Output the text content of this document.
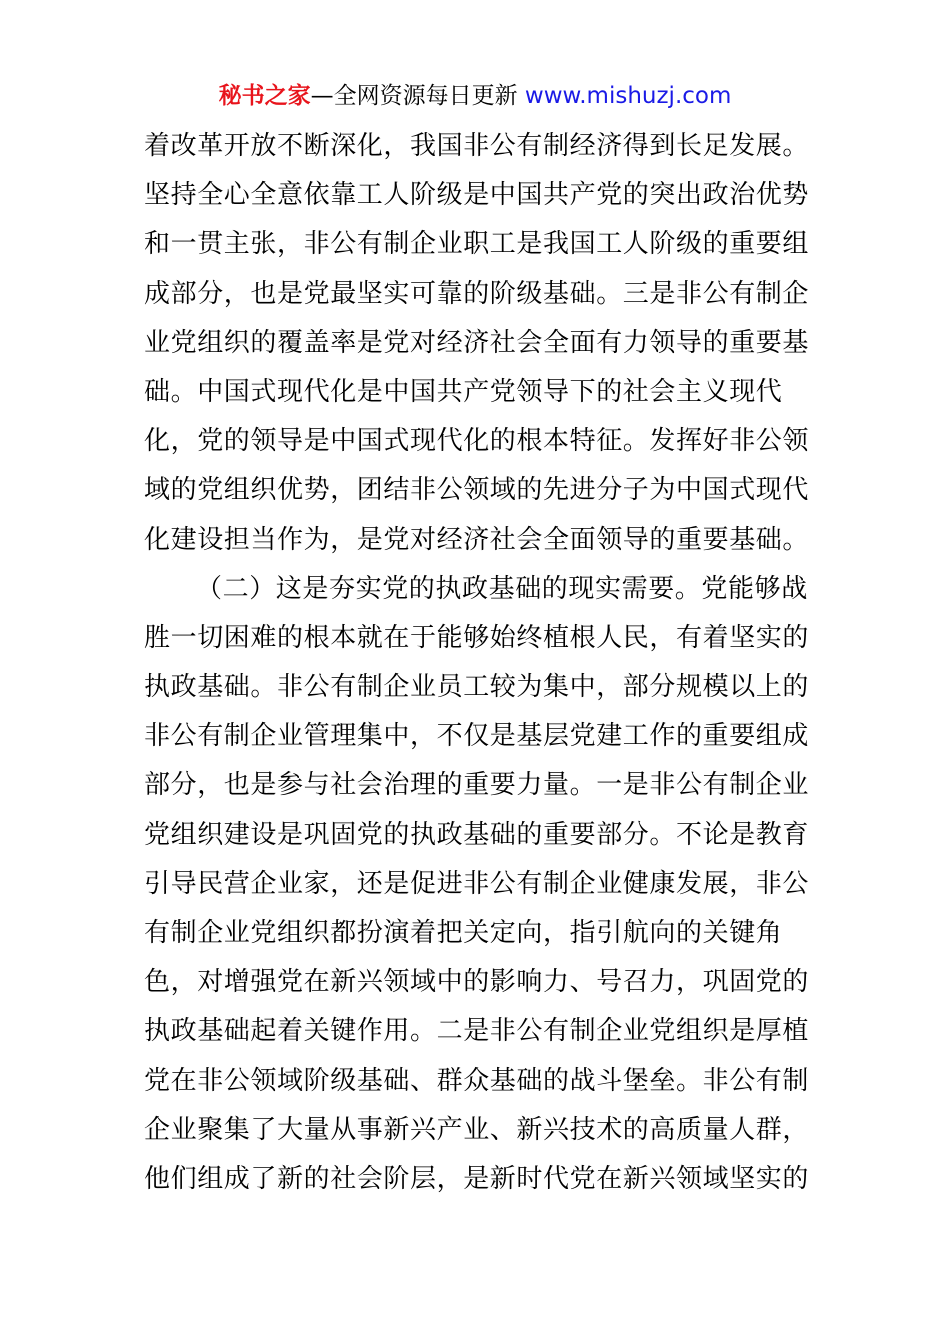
秘书之家—全网资源每日更新 www.mishuzj.com
着改革开放不断深化，我国非公有制经济得到长足发展。
坚持全心全意依靠工人阶级是中国共产党的突出政治优势
和一贯主张，非公有制企业职工是我国工人阶级的重要组
成部分，也是党最坚实可靠的阶级基础。三是非公有制企
业党组织的覆盖率是党对经济社会全面有力领导的重要基
础。中国式现代化是中国共产党领导下的社会主义现代
化，党的领导是中国式现代化的根本特征。发挥好非公领
域的党组织优势，团结非公领域的先进分子为中国式现代
化建设担当作为，是党对经济社会全面领导的重要基础。
（二）这是夯实党的执政基础的现实需要。党能够战
胜一切困难的根本就在于能够始终植根人民，有着坚实的
执政基础。非公有制企业员工较为集中，部分规模以上的
非公有制企业管理集中，不仅是基层党建工作的重要组成
部分，也是参与社会治理的重要力量。一是非公有制企业
党组织建设是巩固党的执政基础的重要部分。不论是教育
引导民营企业家，还是促进非公有制企业健康发展，非公
有制企业党组织都扮演着把关定向，指引航向的关键角
色，对增强党在新兴领域中的影响力、号召力，巩固党的
执政基础起着关键作用。二是非公有制企业党组织是厚植
党在非公领域阶级基础、群众基础的战斗堡垒。非公有制
企业聚集了大量从事新兴产业、新兴技术的高质量人群，
他们组成了新的社会阶层，是新时代党在新兴领域坚实的
